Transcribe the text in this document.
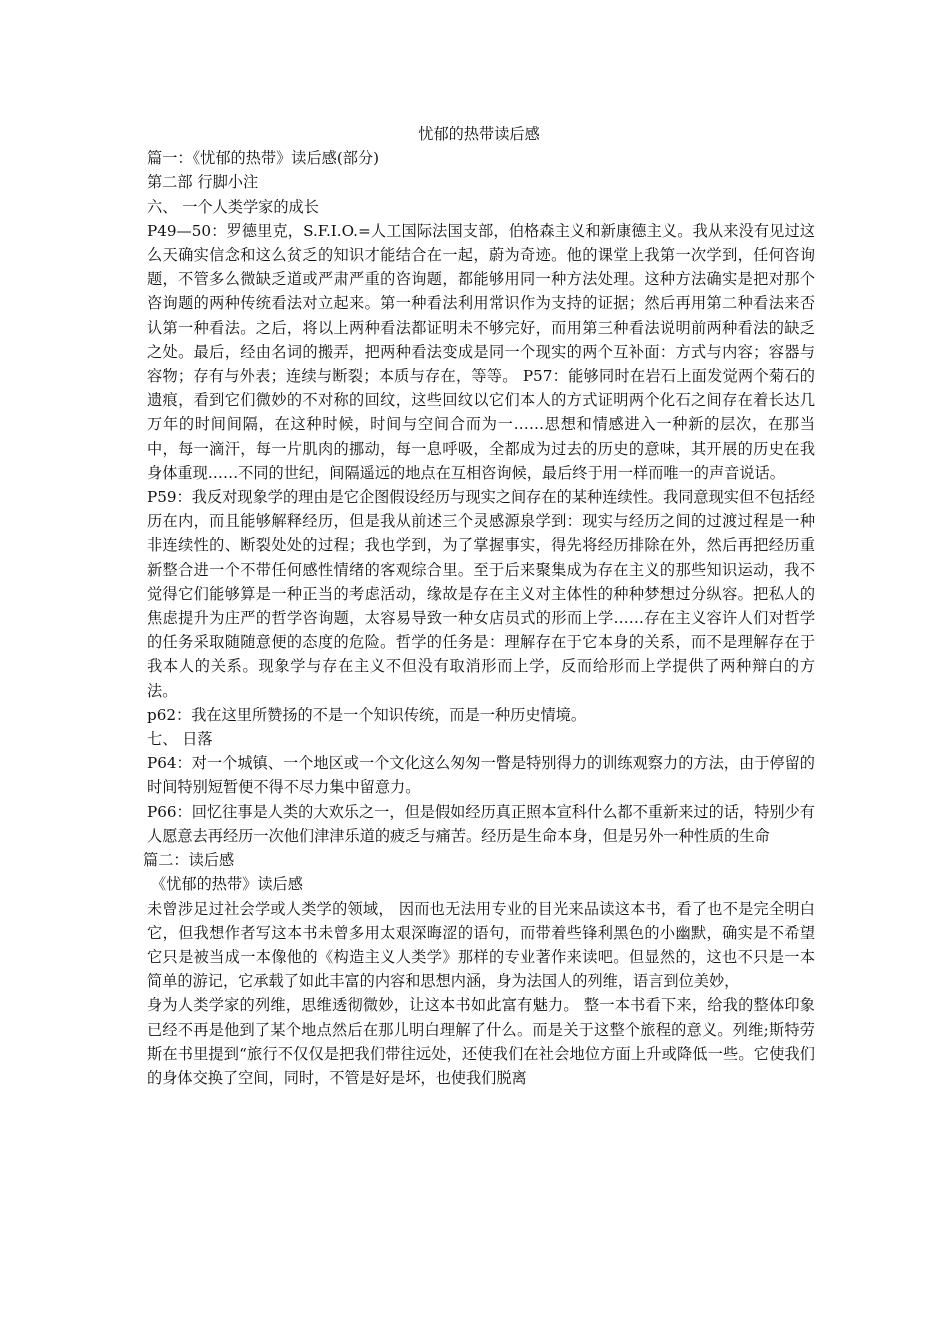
忧郁的热带读后感

篇一：《忧郁的热带》读后感(部分)

第二部 行脚小注

六、 一个人类学家的成长

P49—50：罗德里克，S.F.I.O.=人工国际法国支部，伯格森主义和新康德主义。我从来没有见过这么天确实信念和这么贫乏的知识才能结合在一起，蔚为奇迹。他的课堂上我第一次学到，任何咨询题，不管多么微缺乏道或严肃严重的咨询题，都能够用同一种方法处理。这种方法确实是把对那个咨询题的两种传统看法对立起来。第一种看法利用常识作为支持的证据；然后再用第二种看法来否认第一种看法。之后，将以上两种看法都证明未不够完好，而用第三种看法说明前两种看法的缺乏之处。最后，经由名词的搬弄，把两种看法变成是同一个现实的两个互补面：方式与内容；容器与容物；存有与外表；连续与断裂；本质与存在，等等。 P57：能够同时在岩石上面发觉两个菊石的遗痕，看到它们微妙的不对称的回纹，这些回纹以它们本人的方式证明两个化石之间存在着长达几万年的时间间隔，在这种时候，时间与空间合而为一……思想和情感进入一种新的层次，在那当中，每一滴汗，每一片肌肉的挪动，每一息呼吸，全都成为过去的历史的意味，其开展的历史在我身体重现……不同的世纪，间隔遥远的地点在互相咨询候，最后终于用一样而唯一的声音说话。

P59：我反对现象学的理由是它企图假设经历与现实之间存在的某种连续性。我同意现实但不包括经历在内，而且能够解释经历，但是我从前述三个灵感源泉学到：现实与经历之间的过渡过程是一种非连续性的、断裂处处的过程；我也学到，为了掌握事实，得先将经历排除在外，然后再把经历重新整合进一个不带任何感性情绪的客观综合里。至于后来聚集成为存在主义的那些知识运动，我不觉得它们能够算是一种正当的考虑活动，缘故是存在主义对主体性的种种梦想过分纵容。把私人的焦虑提升为庄严的哲学咨询题，太容易导致一种女店员式的形而上学……存在主义容许人们对哲学的任务采取随随意便的态度的危险。哲学的任务是：理解存在于它本身的关系，而不是理解存在于我本人的关系。现象学与存在主义不但没有取消形而上学，反而给形而上学提供了两种辩白的方法。

p62：我在这里所赞扬的不是一个知识传统，而是一种历史情境。

七、 日落

P64：对一个城镇、一个地区或一个文化这么匆匆一瞥是特别得力的训练观察力的方法，由于停留的时间特别短暂便不得不尽力集中留意力。

P66：回忆往事是人类的大欢乐之一，但是假如经历真正照本宣科什么都不重新来过的话，特别少有人愿意去再经历一次他们津津乐道的疲乏与痛苦。经历是生命本身，但是另外一种性质的生命

篇二：读后感

《忧郁的热带》读后感

未曾涉足过社会学或人类学的领域， 因而也无法用专业的目光来品读这本书，看了也不是完全明白它，但我想作者写这本书未曾多用太艰深晦涩的语句，而带着些锋利黑色的小幽默，确实是不希望它只是被当成一本像他的《构造主义人类学》那样的专业著作来读吧。但显然的，这也不只是一本简单的游记，它承载了如此丰富的内容和思想内涵，身为法国人的列维，语言到位美妙，

身为人类学家的列维，思维透彻微妙，让这本书如此富有魅力。 整一本书看下来，给我的整体印象已经不再是他到了某个地点然后在那儿明白理解了什么。而是关于这整个旅程的意义。列维;斯特劳斯在书里提到“旅行不仅仅是把我们带往远处，还使我们在社会地位方面上升或降低一些。它使我们的身体交换了空间，同时，不管是好是坏，也使我们脱离
